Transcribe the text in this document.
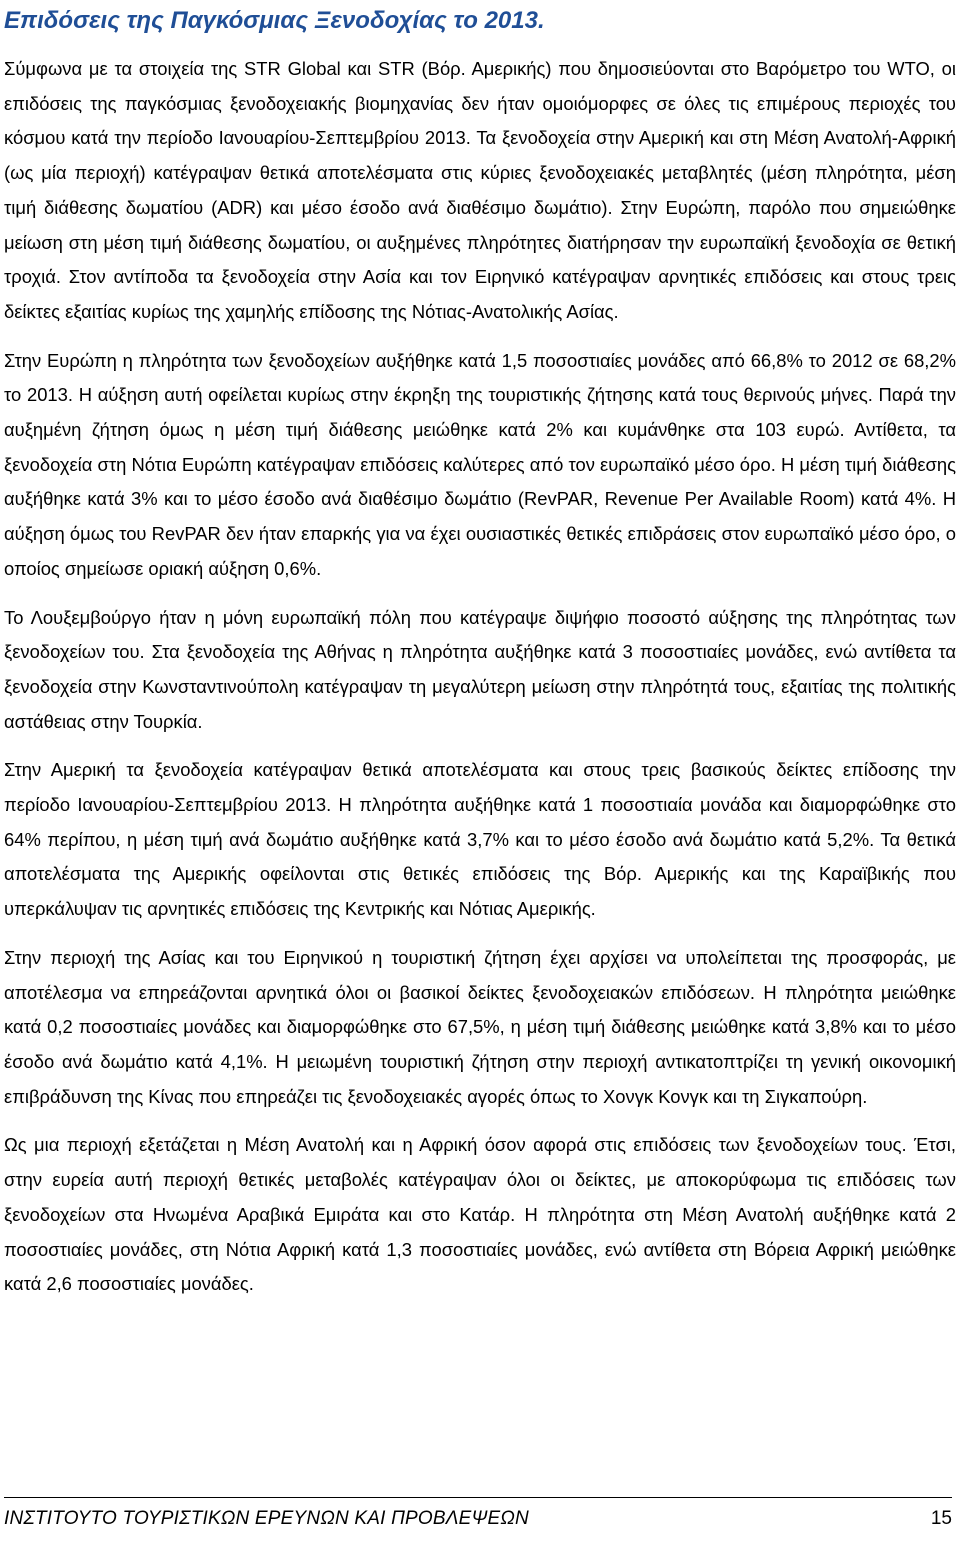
Επιδόσεις της Παγκόσμιας Ξενοδοχίας το 2013.

Σύμφωνα με τα στοιχεία της STR Global και STR (Βόρ. Αμερικής) που δημοσιεύονται στο Βαρόμετρο του WTO, οι επιδόσεις της παγκόσμιας ξενοδοχειακής βιομηχανίας δεν ήταν ομοιόμορφες σε όλες τις επιμέρους περιοχές του κόσμου κατά την περίοδο Ιανουαρίου-Σεπτεμβρίου 2013. Τα ξενοδοχεία στην Αμερική και στη Μέση Ανατολή-Αφρική (ως μία περιοχή) κατέγραψαν θετικά αποτελέσματα στις κύριες ξενοδοχειακές μεταβλητές (μέση πληρότητα, μέση τιμή διάθεσης δωματίου (ADR) και μέσο έσοδο ανά διαθέσιμο δωμάτιο). Στην Ευρώπη, παρόλο που σημειώθηκε μείωση στη μέση τιμή διάθεσης δωματίου, οι αυξημένες πληρότητες διατήρησαν την ευρωπαϊκή ξενοδοχία σε θετική τροχιά. Στον αντίποδα τα ξενοδοχεία στην Ασία και τον Ειρηνικό κατέγραψαν αρνητικές επιδόσεις και στους τρεις δείκτες εξαιτίας κυρίως της χαμηλής επίδοσης της Νότιας-Ανατολικής Ασίας.

Στην Ευρώπη η πληρότητα των ξενοδοχείων αυξήθηκε κατά 1,5 ποσοστιαίες μονάδες από 66,8% το 2012 σε 68,2% το 2013. Η αύξηση αυτή οφείλεται κυρίως στην έκρηξη της τουριστικής ζήτησης κατά τους θερινούς μήνες. Παρά την αυξημένη ζήτηση όμως η μέση τιμή διάθεσης μειώθηκε κατά 2% και κυμάνθηκε στα 103 ευρώ. Αντίθετα, τα ξενοδοχεία στη Νότια Ευρώπη κατέγραψαν επιδόσεις καλύτερες από τον ευρωπαϊκό μέσο όρο. Η μέση τιμή διάθεσης αυξήθηκε κατά 3% και το μέσο έσοδο ανά διαθέσιμο δωμάτιο (RevPAR, Revenue Per Available Room) κατά 4%. Η αύξηση όμως του RevPAR δεν ήταν επαρκής για να έχει ουσιαστικές θετικές επιδράσεις στον ευρωπαϊκό μέσο όρο, ο οποίος σημείωσε οριακή αύξηση 0,6%.

Το Λουξεμβούργο ήταν η μόνη ευρωπαϊκή πόλη που κατέγραψε διψήφιο ποσοστό αύξησης της πληρότητας των ξενοδοχείων του. Στα ξενοδοχεία της Αθήνας η πληρότητα αυξήθηκε κατά 3 ποσοστιαίες μονάδες, ενώ αντίθετα τα ξενοδοχεία στην Κωνσταντινούπολη κατέγραψαν τη μεγαλύτερη μείωση στην πληρότητά τους, εξαιτίας της πολιτικής αστάθειας στην Τουρκία.

Στην Αμερική τα ξενοδοχεία κατέγραψαν θετικά αποτελέσματα και στους τρεις βασικούς δείκτες επίδοσης την περίοδο Ιανουαρίου-Σεπτεμβρίου 2013. Η πληρότητα αυξήθηκε κατά 1 ποσοστιαία μονάδα και διαμορφώθηκε στο 64% περίπου, η μέση τιμή ανά δωμάτιο αυξήθηκε κατά 3,7% και το μέσο έσοδο ανά δωμάτιο κατά 5,2%. Τα θετικά αποτελέσματα της Αμερικής οφείλονται στις θετικές επιδόσεις της Βόρ. Αμερικής και της Καραϊβικής που υπερκάλυψαν τις αρνητικές επιδόσεις της Κεντρικής και Νότιας Αμερικής.

Στην περιοχή της Ασίας και του Ειρηνικού η τουριστική ζήτηση έχει αρχίσει να υπολείπεται της προσφοράς, με αποτέλεσμα να επηρεάζονται αρνητικά όλοι οι βασικοί δείκτες ξενοδοχειακών επιδόσεων. Η πληρότητα μειώθηκε κατά 0,2 ποσοστιαίες μονάδες και διαμορφώθηκε στο 67,5%, η μέση τιμή διάθεσης μειώθηκε κατά 3,8% και το μέσο έσοδο ανά δωμάτιο κατά 4,1%. Η μειωμένη τουριστική ζήτηση στην περιοχή αντικατοπτρίζει τη γενική οικονομική επιβράδυνση της Κίνας που επηρεάζει τις ξενοδοχειακές αγορές όπως το Χονγκ Κονγκ και τη Σιγκαπούρη.

Ως μια περιοχή εξετάζεται η Μέση Ανατολή και η Αφρική όσον αφορά στις επιδόσεις των ξενοδοχείων τους. Έτσι, στην ευρεία αυτή περιοχή θετικές μεταβολές κατέγραψαν όλοι οι δείκτες, με αποκορύφωμα τις επιδόσεις των ξενοδοχείων στα Ηνωμένα Αραβικά Εμιράτα και στο Κατάρ. Η πληρότητα στη Μέση Ανατολή αυξήθηκε κατά 2 ποσοστιαίες μονάδες, στη Νότια Αφρική κατά 1,3 ποσοστιαίες μονάδες, ενώ αντίθετα στη Βόρεια Αφρική μειώθηκε κατά 2,6 ποσοστιαίες μονάδες.

ΙΝΣΤΙΤΟΥΤΟ ΤΟΥΡΙΣΤΙΚΩΝ ΕΡΕΥΝΩΝ ΚΑΙ ΠΡΟΒΛΕΨΕΩΝ	15
